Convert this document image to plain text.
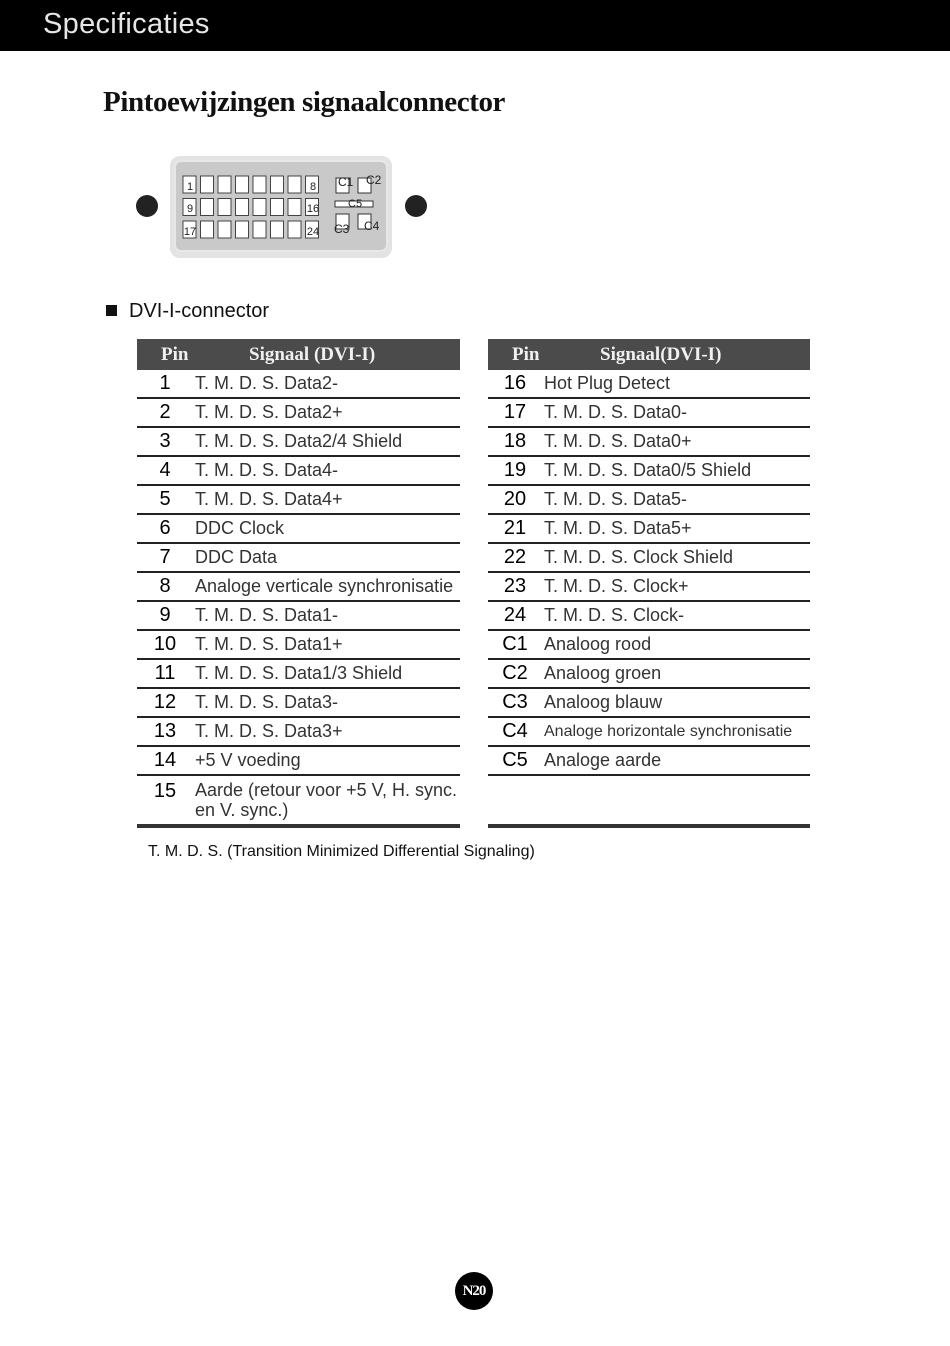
Specificaties
Pintoewijzingen signaalconnector
1	8
9	16
17	24
C1 C2
C5
C3 C4
DVI-I-connector
Pin	Signaal (DVI-I)
1	T. M. D. S. Data2-
2	T. M. D. S. Data2+
3	T. M. D. S. Data2/4 Shield
4	T. M. D. S. Data4-
5	T. M. D. S. Data4+
6	DDC Clock
7	DDC Data
8	Analoge verticale synchronisatie
9	T. M. D. S. Data1-
10	T. M. D. S. Data1+
11	T. M. D. S. Data1/3 Shield
12	T. M. D. S. Data3-
13	T. M. D. S. Data3+
14	+5 V voeding
15	Aarde (retour voor +5 V, H. sync. en V. sync.)
Pin	Signaal(DVI-I)
16	Hot Plug Detect
17	T. M. D. S. Data0-
18	T. M. D. S. Data0+
19	T. M. D. S. Data0/5 Shield
20	T. M. D. S. Data5-
21	T. M. D. S. Data5+
22	T. M. D. S. Clock Shield
23	T. M. D. S. Clock+
24	T. M. D. S. Clock-
C1	Analoog rood
C2	Analoog groen
C3	Analoog blauw
C4	Analoge horizontale synchronisatie
C5	Analoge aarde

T. M. D. S. (Transition Minimized Differential Signaling)
N20
